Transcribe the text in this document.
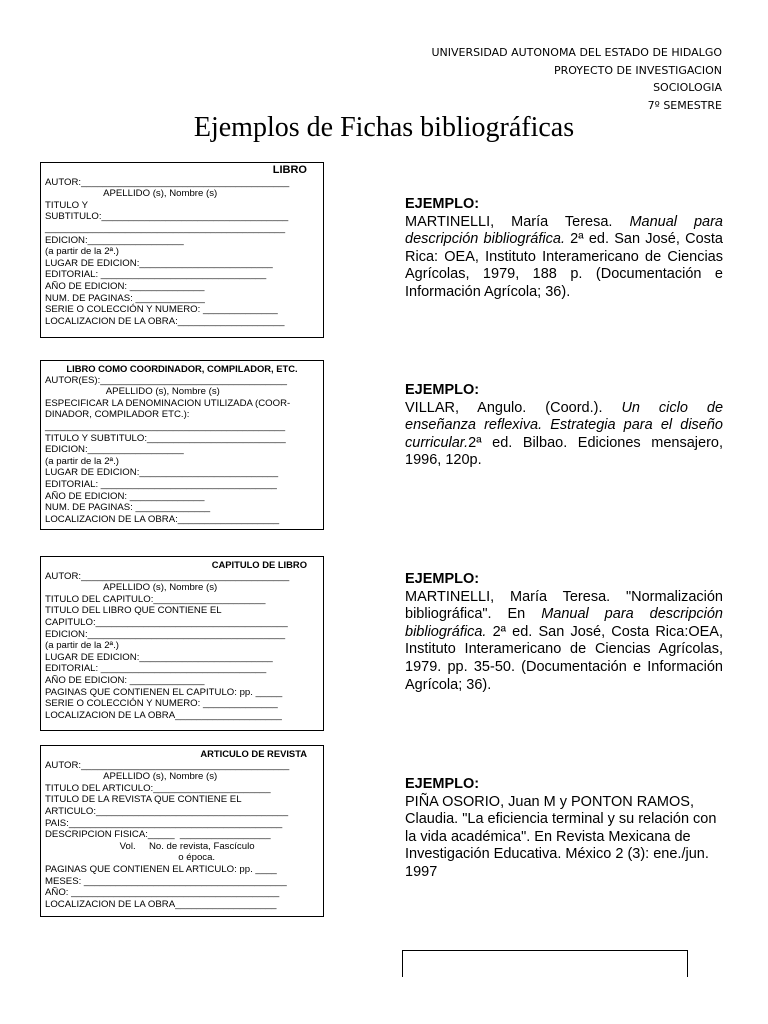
UNIVERSIDAD AUTONOMA DEL ESTADO DE HIDALGO
PROYECTO DE INVESTIGACION
SOCIOLOGIA
7º SEMESTRE
Ejemplos de Fichas bibliográficas
LIBRO
AUTOR:_______________________________________
APELLIDO (s), Nombre (s)
TITULO Y
SUBTITULO:___________________________________
_____________________________________________
EDICION:__________________
(a partir de la 2ª.)
LUGAR DE EDICION:_________________________
EDITORIAL: _______________________________
AÑO DE EDICION: ______________
NUM. DE PAGINAS: _____________
SERIE O COLECCIÓN Y NUMERO: ______________
LOCALIZACION DE LA OBRA:____________________
LIBRO COMO COORDINADOR, COMPILADOR, ETC.
AUTOR(ES):___________________________________
APELLIDO (s), Nombre (s)
ESPECIFICAR LA DENOMINACION UTILIZADA (COOR-
DINADOR, COMPILADOR ETC.):
_____________________________________________
TITULO Y SUBTITULO:__________________________
EDICION:__________________
(a partir de la 2ª.)
LUGAR DE EDICION:__________________________
EDITORIAL: _________________________________
AÑO DE EDICION: ______________
NUM. DE PAGINAS: ______________
LOCALIZACION DE LA OBRA:___________________
CAPITULO DE LIBRO
AUTOR:_______________________________________
APELLIDO (s), Nombre (s)
TITULO DEL CAPITULO:_____________________
TITULO DEL LIBRO QUE CONTIENE EL
CAPITULO:____________________________________
EDICION:_____________________________________
(a partir de la 2ª.)
LUGAR DE EDICION:_________________________
EDITORIAL: _______________________________
AÑO DE EDICION: ______________
PAGINAS QUE CONTIENEN EL CAPITULO: pp. _____
SERIE O COLECCIÓN Y NUMERO: ______________
LOCALIZACION DE LA OBRA____________________
ARTICULO DE REVISTA
AUTOR:_______________________________________
APELLIDO (s), Nombre (s)
TITULO DEL ARTICULO:______________________
TITULO DE LA REVISTA QUE CONTIENE EL
ARTICULO:____________________________________
PAIS:________________________________________
DESCRIPCION FISICA:_____  _________________
Vol.     No. de revista, Fascículo
o época.
PAGINAS QUE CONTIENEN EL ARTICULO: pp. ____
MESES: ______________________________________
AÑO: _______________________________________
LOCALIZACION DE LA OBRA___________________
EJEMPLO:
MARTINELLI, María Teresa. Manual para descripción bibliográfica. 2ª ed. San José, Costa Rica: OEA, Instituto Interamericano de Ciencias Agrícolas, 1979, 188 p. (Documentación e Información Agrícola; 36).
EJEMPLO:
VILLAR, Angulo. (Coord.). Un ciclo de enseñanza reflexiva. Estrategia para el diseño curricular.2ª ed. Bilbao. Ediciones mensajero, 1996, 120p.
EJEMPLO:
MARTINELLI, María Teresa. "Normalización bibliográfica". En Manual para descripción bibliográfica. 2ª ed. San José, Costa Rica:OEA, Instituto Interamericano de Ciencias Agrícolas, 1979. pp. 35-50. (Documentación e Información Agrícola; 36).
EJEMPLO:
PIÑA OSORIO, Juan M y PONTON RAMOS, Claudia. "La eficiencia terminal y su relación con la vida académica". En Revista Mexicana de Investigación Educativa. México 2 (3): ene./jun. 1997
